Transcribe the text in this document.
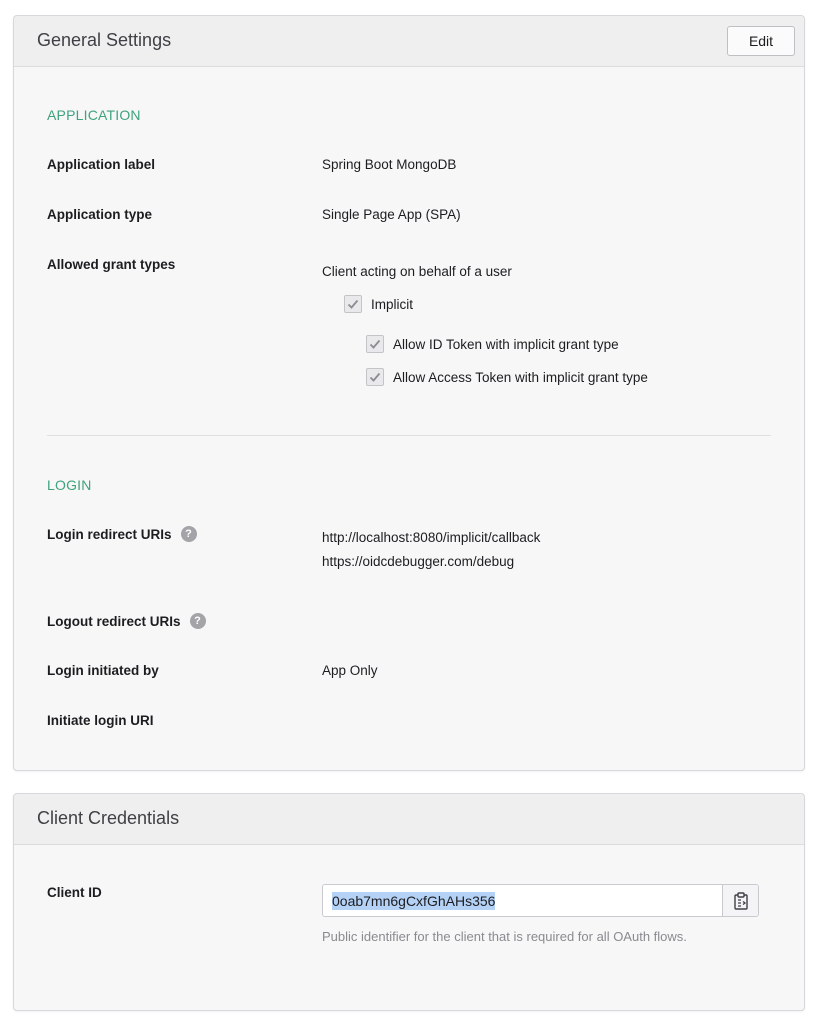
General Settings	Edit
APPLICATION
Application label	Spring Boot MongoDB
Application type	Single Page App (SPA)
Allowed grant types	Client acting on behalf of a user
Implicit
Allow ID Token with implicit grant type
Allow Access Token with implicit grant type
LOGIN
Login redirect URIs	?	http://localhost:8080/implicit/callback
https://oidcdebugger.com/debug
Logout redirect URIs	?
Login initiated by	App Only
Initiate login URI
Client Credentials
Client ID	0oab7mn6gCxfGhAHs356
Public identifier for the client that is required for all OAuth flows.
